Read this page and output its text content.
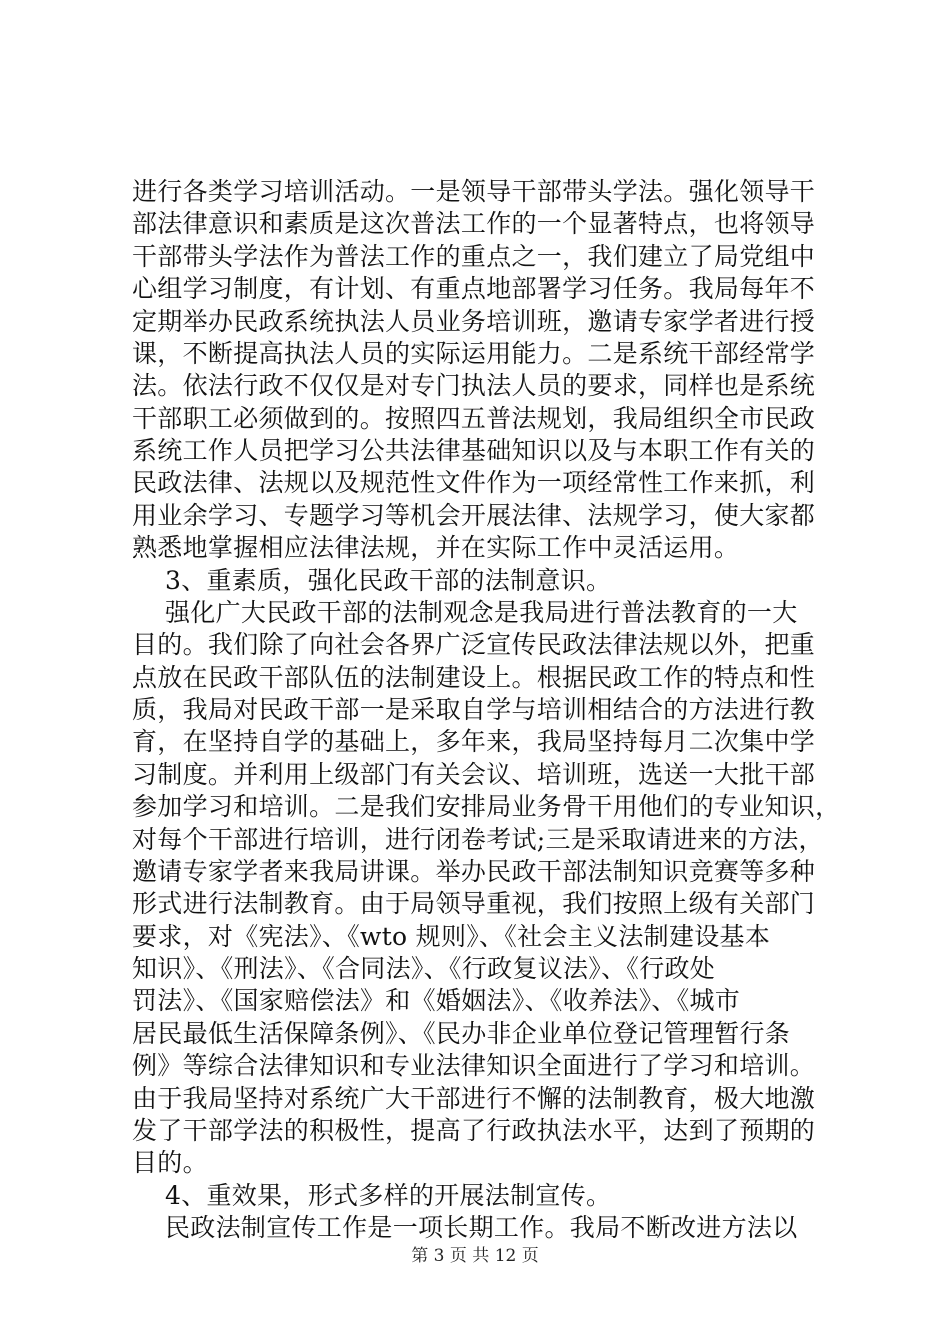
进行各类学习培训活动。一是领导干部带头学法。强化领导干
部法律意识和素质是这次普法工作的一个显著特点，也将领导
干部带头学法作为普法工作的重点之一，我们建立了局党组中
心组学习制度，有计划、有重点地部署学习任务。我局每年不
定期举办民政系统执法人员业务培训班，邀请专家学者进行授
课，不断提高执法人员的实际运用能力。二是系统干部经常学
法。依法行政不仅仅是对专门执法人员的要求，同样也是系统
干部职工必须做到的。按照四五普法规划，我局组织全市民政
系统工作人员把学习公共法律基础知识以及与本职工作有关的
民政法律、法规以及规范性文件作为一项经常性工作来抓，利
用业余学习、专题学习等机会开展法律、法规学习，使大家都
熟悉地掌握相应法律法规，并在实际工作中灵活运用。
3、重素质，强化民政干部的法制意识。
强化广大民政干部的法制观念是我局进行普法教育的一大
目的。我们除了向社会各界广泛宣传民政法律法规以外，把重
点放在民政干部队伍的法制建设上。根据民政工作的特点和性
质，我局对民政干部一是采取自学与培训相结合的方法进行教
育，在坚持自学的基础上，多年来，我局坚持每月二次集中学
习制度。并利用上级部门有关会议、培训班，选送一大批干部
参加学习和培训。二是我们安排局业务骨干用他们的专业知识，
对每个干部进行培训，进行闭卷考试;三是采取请进来的方法，
邀请专家学者来我局讲课。举办民政干部法制知识竞赛等多种
形式进行法制教育。由于局领导重视，我们按照上级有关部门
要求，对《宪法》、《wto 规则》、《社会主义法制建设基本
知识》、《刑法》、《合同法》、《行政复议法》、《行政处
罚法》、《国家赔偿法》和《婚姻法》、《收养法》、《城市
居民最低生活保障条例》、《民办非企业单位登记管理暂行条
例》等综合法律知识和专业法律知识全面进行了学习和培训。
由于我局坚持对系统广大干部进行不懈的法制教育，极大地激
发了干部学法的积极性，提高了行政执法水平，达到了预期的
目的。
4、重效果，形式多样的开展法制宣传。
民政法制宣传工作是一项长期工作。我局不断改进方法以
第 3 页 共 12 页
